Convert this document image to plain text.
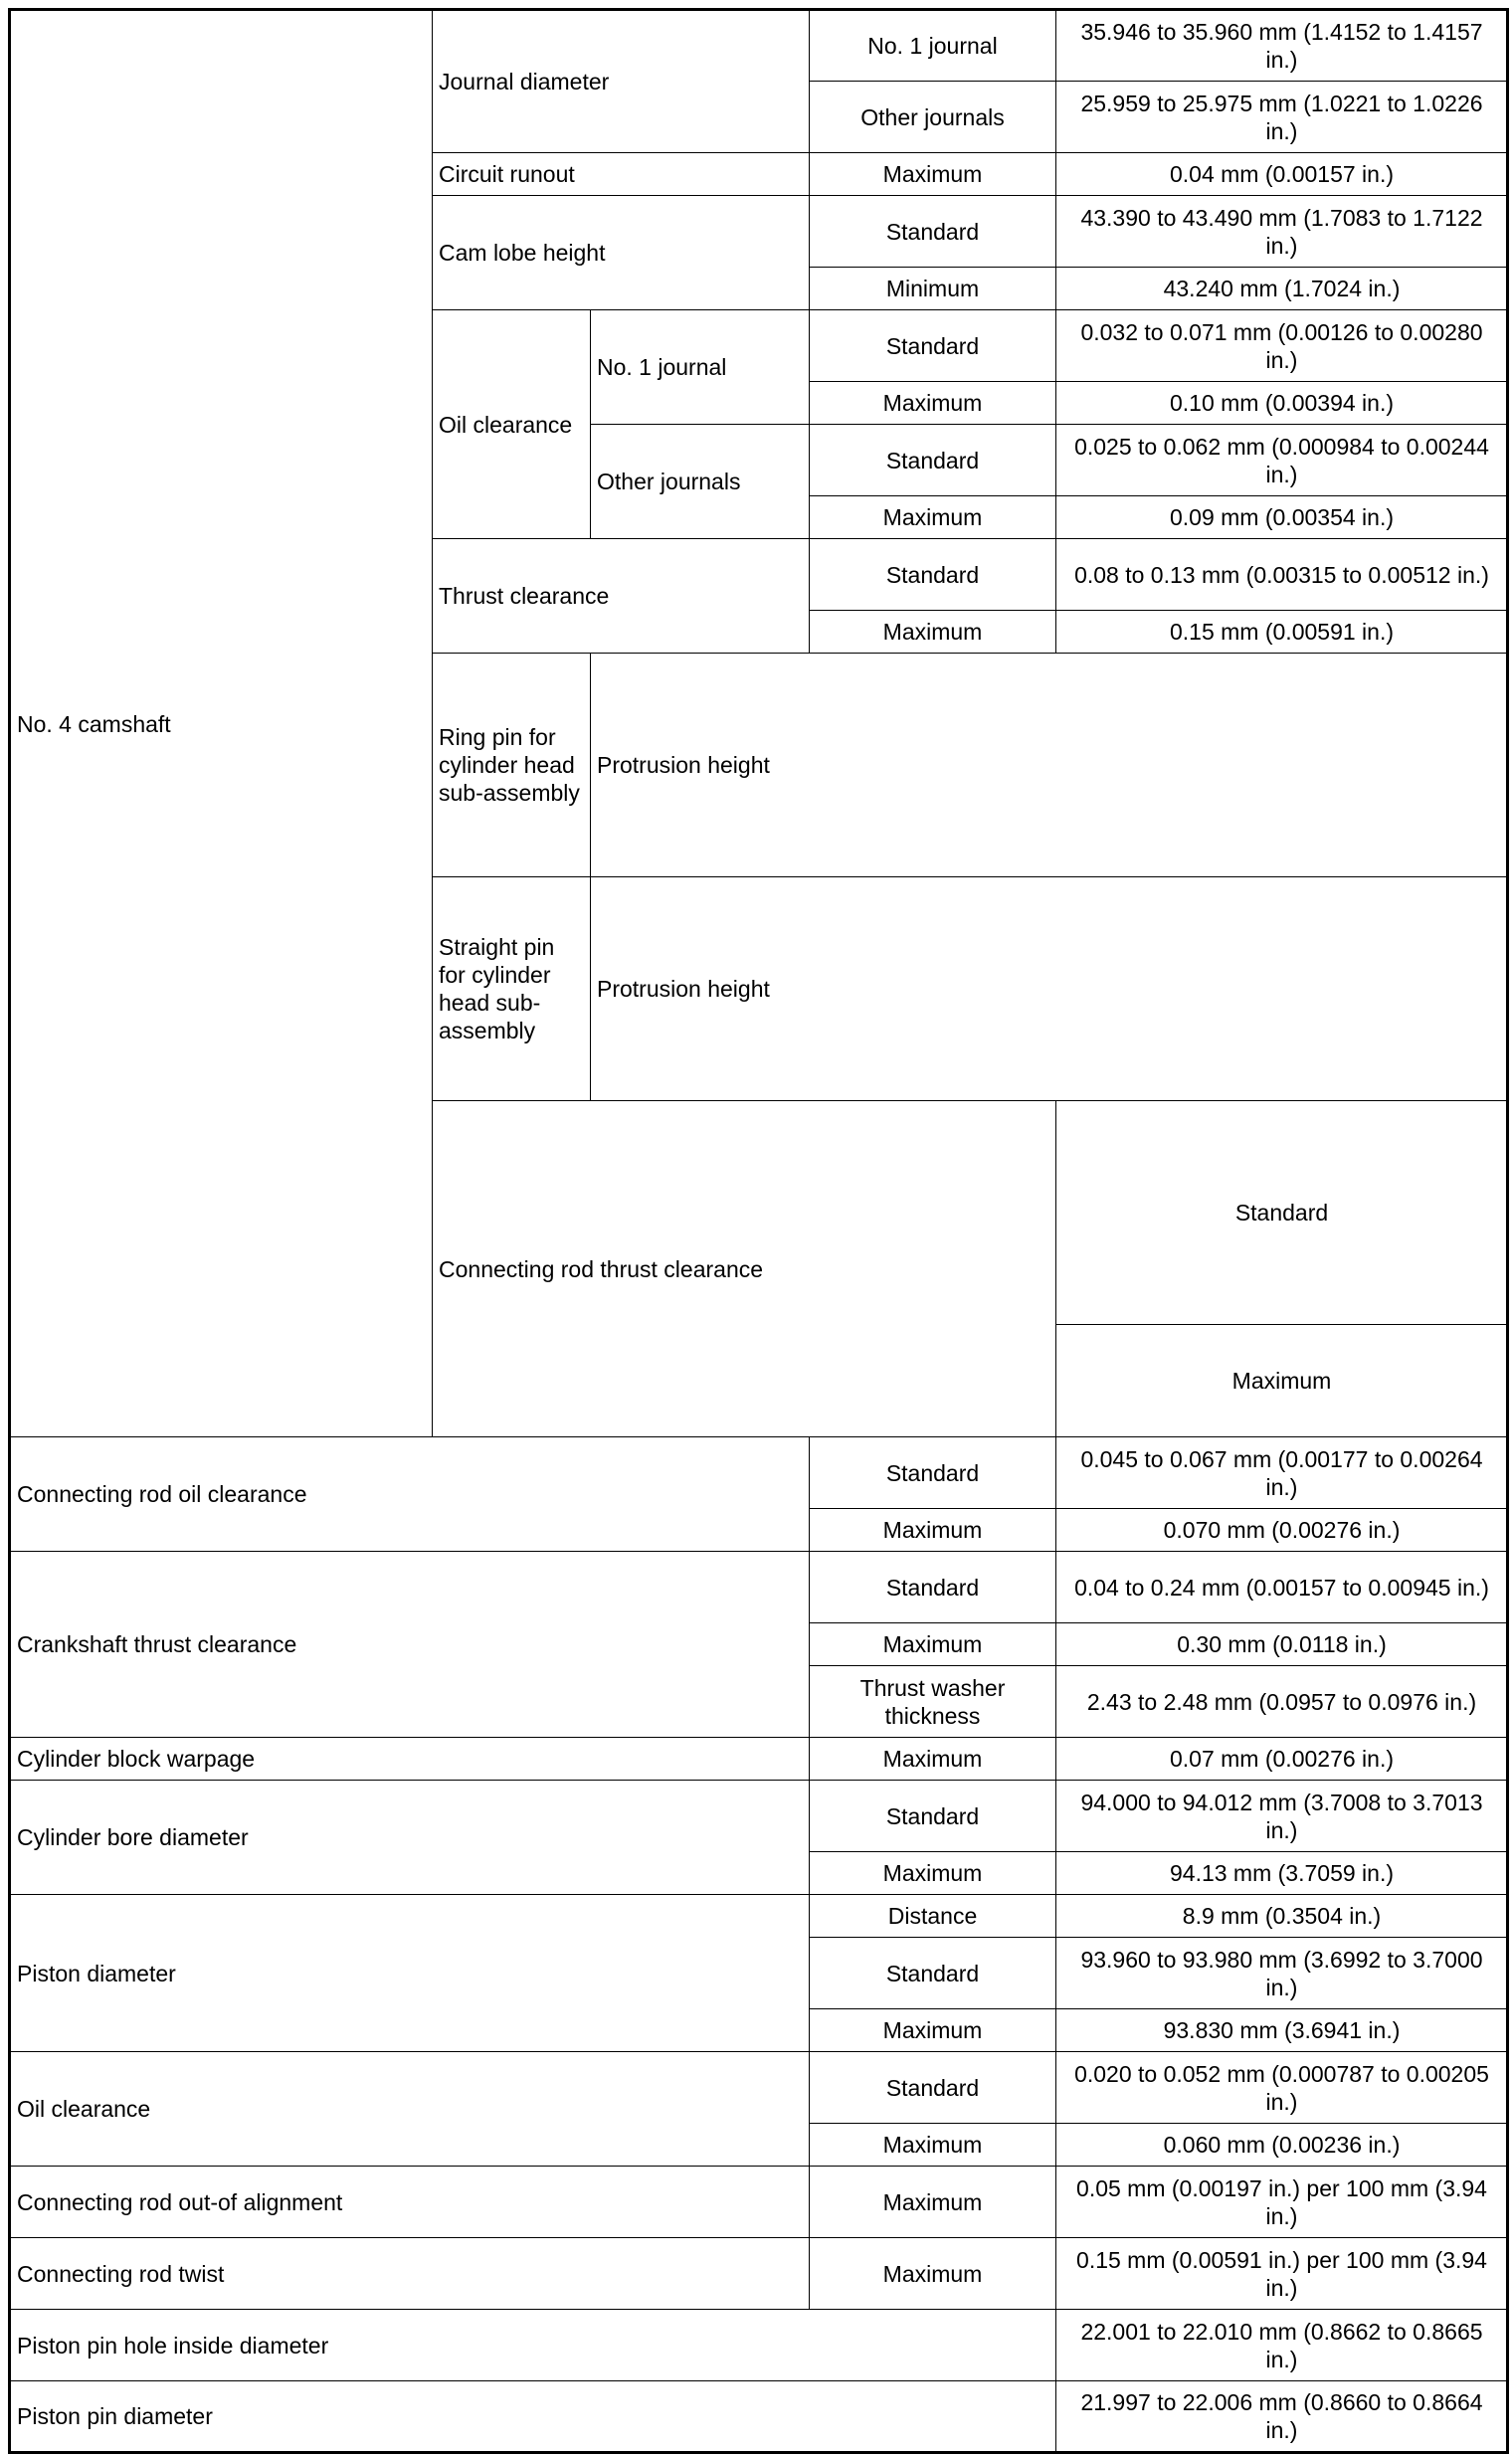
No. 4 camshaft	Journal diameter		No. 1 journal	35.946 to 35.960 mm (1.4152 to 1.4157 in.)	
			Other journals	25.959 to 25.975 mm (1.0221 to 1.0226 in.)	
	Circuit runout		Maximum	0.04 mm (0.00157 in.)	
	Cam lobe height		Standard	43.390 to 43.490 mm (1.7083 to 1.7122 in.)	
			Minimum	43.240 mm (1.7024 in.)	
	Oil clearance	No. 1 journal	Standard	0.032 to 0.071 mm (0.00126 to 0.00280 in.)	
			Maximum	0.10 mm (0.00394 in.)	
		Other journals	Standard	0.025 to 0.062 mm (0.000984 to 0.00244 in.)	
			Maximum	0.09 mm (0.00354 in.)	
	Thrust clearance		Standard	0.08 to 0.13 mm (0.00315 to 0.00512 in.)	
			Maximum	0.15 mm (0.00591 in.)	
	Ring pin for cylinder head sub-assembly	Protrusion height	
	Straight pin for cylinder head sub-assembly	Protrusion height	
	Connecting rod thrust clearance			Standard	
				Maximum	
Connecting rod oil clearance			Standard	0.045 to 0.067 mm (0.00177 to 0.00264 in.)	
			Maximum	0.070 mm (0.00276 in.)	
Crankshaft thrust clearance			Standard	0.04 to 0.24 mm (0.00157 to 0.00945 in.)	
			Maximum	0.30 mm (0.0118 in.)	
			Thrust washer thickness	2.43 to 2.48 mm (0.0957 to 0.0976 in.)	
Cylinder block warpage			Maximum	0.07 mm (0.00276 in.)	
Cylinder bore diameter			Standard	94.000 to 94.012 mm (3.7008 to 3.7013 in.)	
			Maximum	94.13 mm (3.7059 in.)	
Piston diameter			Distance	8.9 mm (0.3504 in.)	
			Standard	93.960 to 93.980 mm (3.6992 to 3.7000 in.)	
			Maximum	93.830 mm (3.6941 in.)	
Oil clearance			Standard	0.020 to 0.052 mm (0.000787 to 0.00205 in.)	
			Maximum	0.060 mm (0.00236 in.)	
Connecting rod out-of alignment			Maximum	0.05 mm (0.00197 in.) per 100 mm (3.94 in.)	
Connecting rod twist			Maximum	0.15 mm (0.00591 in.) per 100 mm (3.94 in.)	
Piston pin hole inside diameter				22.001 to 22.010 mm (0.8662 to 0.8665 in.)	
Piston pin diameter				21.997 to 22.006 mm (0.8660 to 0.8664 in.)	
